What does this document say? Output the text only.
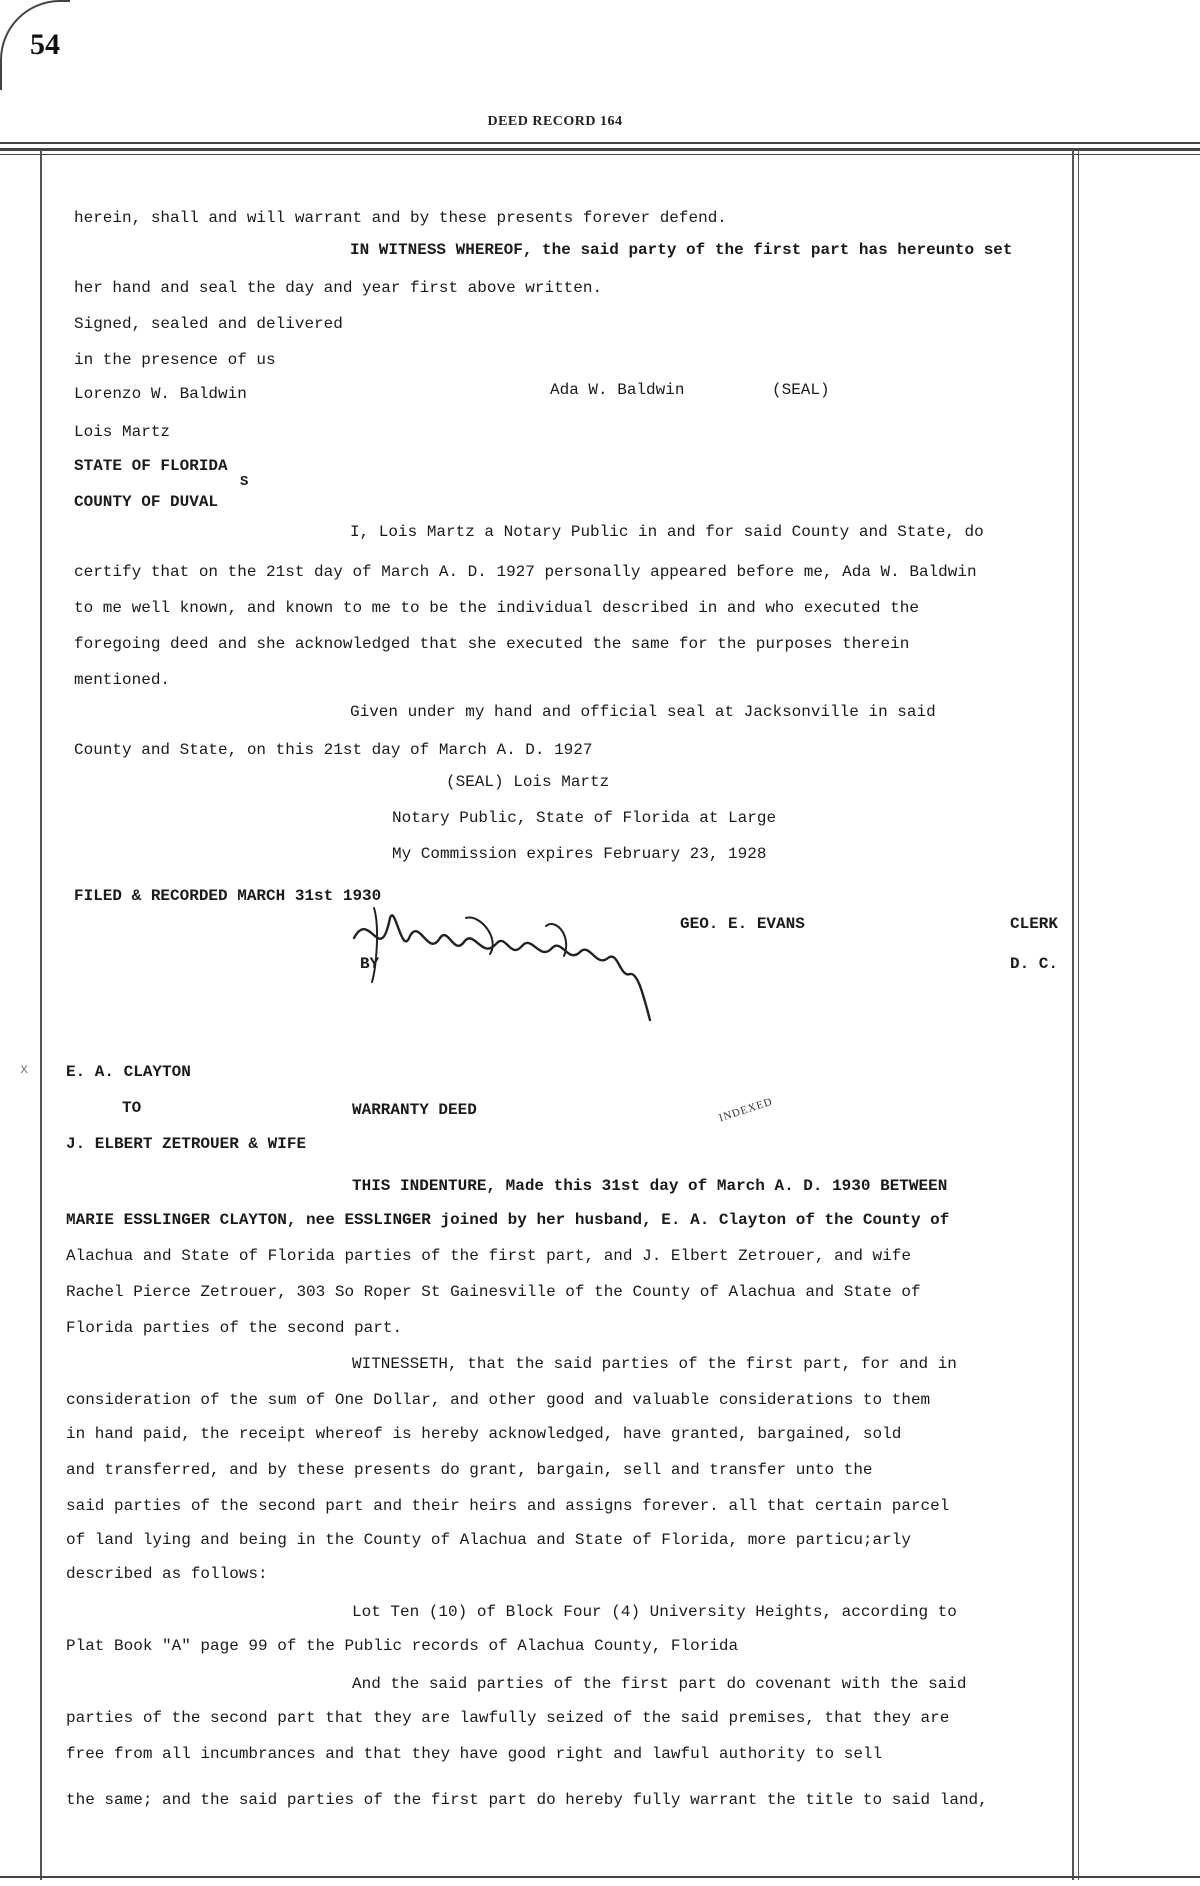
54
DEED RECORD 164
x
herein, shall and will warrant and by these presents forever defend.
IN WITNESS WHEREOF, the said party of the first part has hereunto set
her hand and seal the day and year first above written.
Signed, sealed and delivered
in the presence of us
Lorenzo W. Baldwin	Ada W. Baldwin	(SEAL)
Lois Martz
STATE OF FLORIDA
S
COUNTY OF DUVAL
I, Lois Martz a Notary Public in and for said County and State, do
certify that on the 21st day of March A. D. 1927 personally appeared before me, Ada W. Baldwin
to me well known, and known to me to be the individual described in and who executed the
foregoing deed and she acknowledged that she executed the same for the purposes therein
mentioned.
Given under my hand and official seal at Jacksonville in said
County and State, on this 21st day of March A. D. 1927
(SEAL) Lois Martz
Notary Public, State of Florida at Large
My Commission expires February 23, 1928
FILED & RECORDED MARCH 31st 1930
GEO. E. EVANS	CLERK
BY	D. C.
E. A. CLAYTON
TO	WARRANTY DEED	INDEXED
J. ELBERT ZETROUER & WIFE
THIS INDENTURE, Made this 31st day of March A. D. 1930 BETWEEN
MARIE ESSLINGER CLAYTON, nee ESSLINGER joined by her husband, E. A. Clayton of the County of
Alachua and State of Florida parties of the first part, and J. Elbert Zetrouer, and wife
Rachel Pierce Zetrouer, 303 So Roper St Gainesville of the County of Alachua and State of
Florida parties of the second part.
WITNESSETH, that the said parties of the first part, for and in
consideration of the sum of One Dollar, and other good and valuable considerations to them
in hand paid, the receipt whereof is hereby acknowledged, have granted, bargained, sold
and transferred, and by these presents do grant, bargain, sell and transfer unto the
said parties of the second part and their heirs and assigns forever. all that certain parcel
of land lying and being in the County of Alachua and State of Florida, more particu;arly
described as follows:
Lot Ten (10) of Block Four (4) University Heights, according to
Plat Book "A" page 99 of the Public records of Alachua County, Florida
And the said parties of the first part do covenant with the said
parties of the second part that they are lawfully seized of the said premises, that they are
free from all incumbrances and that they have good right and lawful authority to sell
the same; and the said parties of the first part do hereby fully warrant the title to said land,
